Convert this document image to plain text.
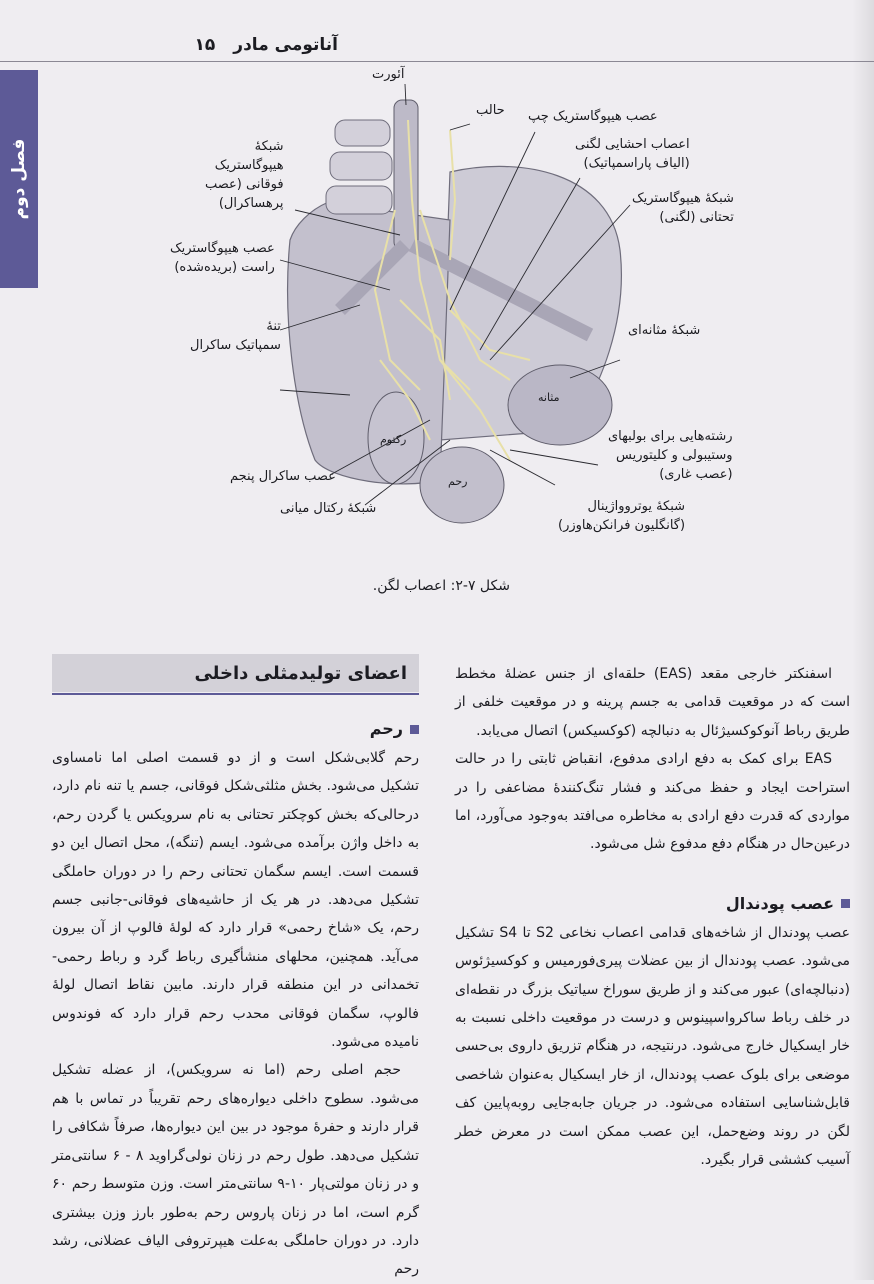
آناتومی مادر
۱۵
فصل دوم
آئورت
حالب عصب هیپوگاستریک چپ
اعصاب احشایی لگنی
(الیاف پاراسمپاتیک)
شبکهٔ هیپوگاستریک
تحتانی (لگنی)
شبکهٔ
هیپوگاستریک
فوقانی (عصب
پرهساکرال)
عصب هیپوگاستریک
راست (بریده‌شده)
تنهٔ
سمپاتیک ساکرال
شبکهٔ مثانه‌ای
رشته‌هایی برای بولبهای
وستیبولی و کلیتوریس
(عصب غاری)
عصب ساکرال پنجم
شبکهٔ رکتال میانی	شبکهٔ یوترووا‌ژینال
(گانگلیون فرانکن‌هاوزر)
رکتوم
رحم
مثانه
شکل ۷-۲: اعصاب لگن.

اسفنکتر خارجی مقعد (EAS) حلقه‌ای از جنس عضلهٔ مخطط است که در موقعیت قدامی به جسم پرینه و در موقعیت خلفی از طریق رباط آنوکوکسیژئال به دنبالچه (کوکسیکس) اتصال می‌یابد.

EAS برای کمک به دفع ارادی مدفوع، انقباض ثابتی را در حالت استراحت ایجاد و حفظ می‌کند و فشار تنگ‌کنندهٔ مضاعفی را در مواردی که قدرت دفع ارادی به مخاطره می‌افتد به‌وجود می‌آورد، اما درعین‌حال در هنگام دفع مدفوع شل می‌شود.

عصب پودندال

عصب پودندال از شاخه‌های قدامی اعصاب نخاعی S2 تا S4 تشکیل می‌شود. عصب پودندال از بین عضلات پیری‌فورمیس و کوکسیژئوس (دنبالچه‌ای) عبور می‌کند و از طریق سوراخ سیاتیک بزرگ در نقطه‌ای در خلف رباط ساکرواسپینوس و درست در موقعیت داخلی نسبت به خار ایسکیال خارج می‌شود. درنتیجه، در هنگام تزریق داروی بی‌حسی موضعی برای بلوک عصب پودندال، از خار ایسکیال به‌عنوان شاخصی قابل‌شناسایی استفاده می‌شود. در جریان جابه‌جایی رو‌به‌پایین کف لگن در روند وضع‌حمل، این عصب ممکن است در معرض خطر آسیب کششی قرار بگیرد.

اعضای تولیدمثلی داخلی
رحم

رحم گلابی‌شکل است و از دو قسمت اصلی اما نامساوی تشکیل می‌شود. بخش مثلثی‌شکل فوقانی، جسم یا تنه نام دارد، درحالی‌که بخش کوچکتر تحتانی به نام سرویکس یا گردن رحم، به داخل واژن برآمده می‌شود. ایسم (تنگه)، محل اتصال این دو قسمت است. ایسم سگمان تحتانی رحم را در دوران حاملگی تشکیل می‌دهد. در هر یک از حاشیه‌های فوقانی-جانبی جسم رحم، یک «شاخ رحمی» قرار دارد که لولهٔ فالوپ از آن بیرون می‌آید. همچنین، محلهای منشأگیری رباط گرد و رباط رحمی-تخمدانی در این منطقه قرار دارند. مابین نقاط اتصال لولهٔ فالوپ، سگمان فوقانی محدب رحم قرار دارد که فوندوس نامیده می‌شود.

حجم اصلی رحم (اما نه سرویکس)، از عضله تشکیل می‌شود. سطوح داخلی دیواره‌های رحم تقریباً در تماس با هم قرار دارند و حفرهٔ موجود در بین این دیواره‌ها، صرفاً شکافی را تشکیل می‌دهد. طول رحم در زنان نولی‌گراوید ۸ - ۶ سانتی‌متر و در زنان مولتی‌پار ۱۰-۹ سانتی‌متر است. وزن متوسط رحم ۶۰ گرم است، اما در زنان پاروس رحم به‌طور بارز وزن بیشتری دارد. در دوران حاملگی به‌علت هیپرتروفی الیاف عضلانی، رشد رحم
